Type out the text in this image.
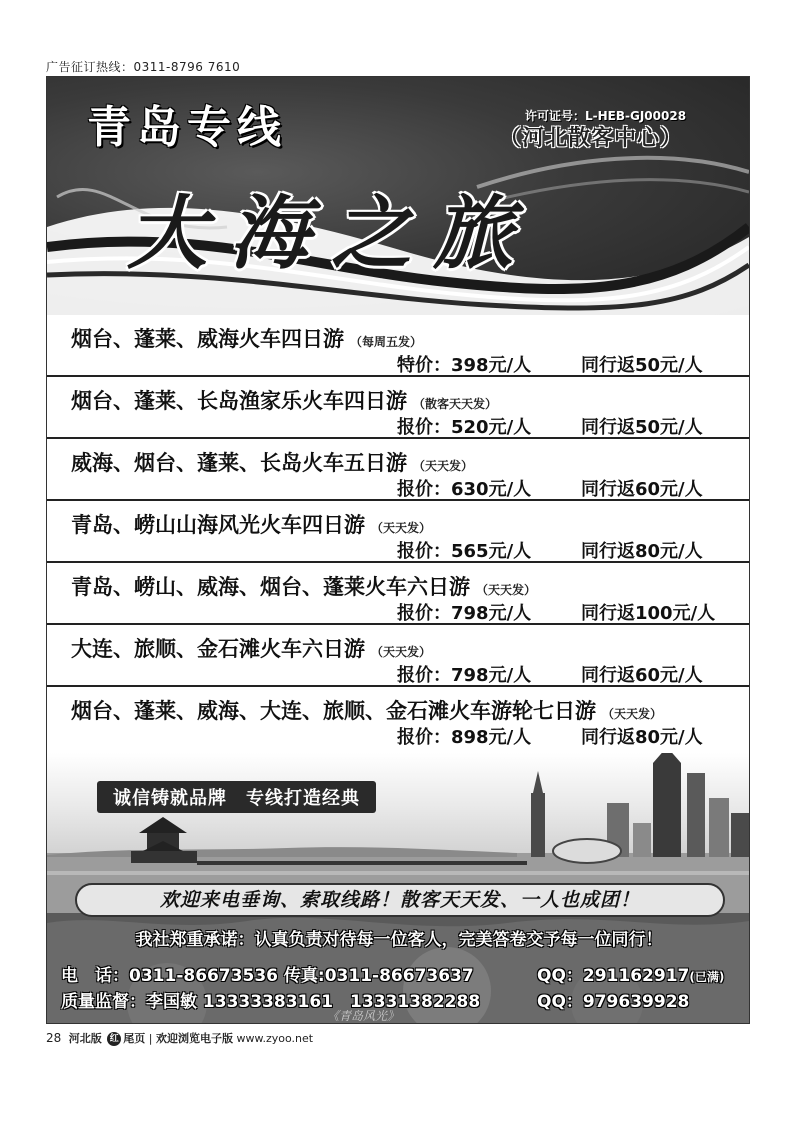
广告征订热线：0311-8796 7610
青岛专线	许可证号：L-HEB-GJ00028
（河北散客中心）
大海之旅
烟台、蓬莱、威海火车四日游 （每周五发）
特价：398元/人	同行返50元/人
烟台、蓬莱、长岛渔家乐火车四日游 （散客天天发）
报价：520元/人	同行返50元/人
威海、烟台、蓬莱、长岛火车五日游 （天天发）
报价：630元/人	同行返60元/人
青岛、崂山山海风光火车四日游 （天天发）
报价：565元/人	同行返80元/人
青岛、崂山、威海、烟台、蓬莱火车六日游 （天天发）
报价：798元/人	同行返100元/人
大连、旅顺、金石滩火车六日游 （天天发）
报价：798元/人	同行返60元/人
烟台、蓬莱、威海、大连、旅顺、金石滩火车游轮七日游 （天天发）
报价：898元/人	同行返80元/人
诚信铸就品牌　专线打造经典
欢迎来电垂询、索取线路！散客天天发、一人也成团！
我社郑重承诺：认真负责对待每一位客人，完美答卷交予每一位同行！
电　话：0311-86673536 传真:0311-86673637	QQ：291162917(已满)
质量监督：李国敏 13333383161　13331382288	QQ：979639928
《青岛风光》
28 河北版 红 尾页 | 欢迎浏览电子版 www.zyoo.net
